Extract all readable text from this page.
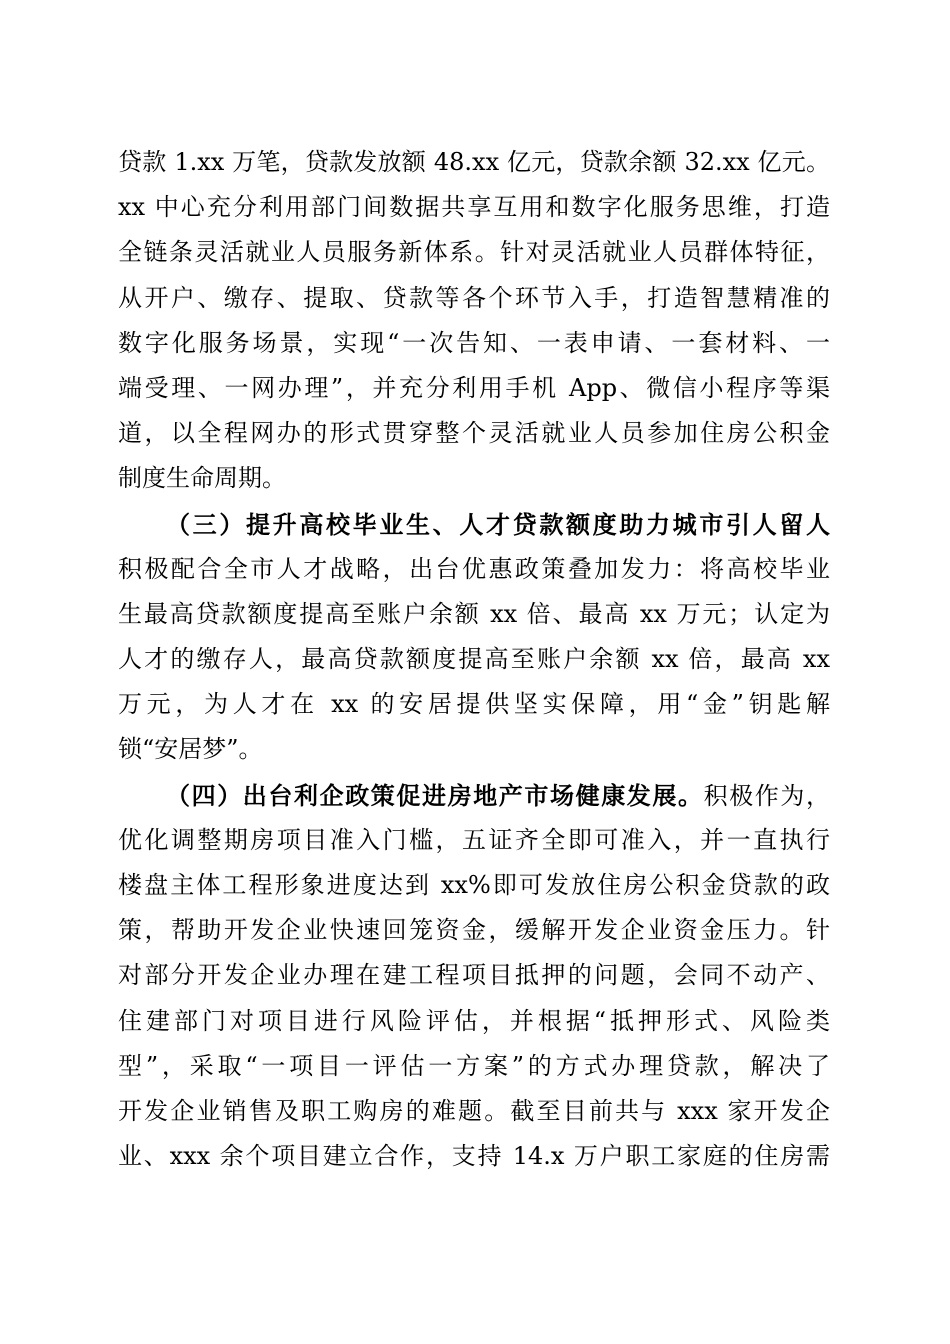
贷款 1.xx 万笔，贷款发放额 48.xx 亿元，贷款余额 32.xx 亿元。
xx 中心充分利用部门间数据共享互用和数字化服务思维，打造
全链条灵活就业人员服务新体系。针对灵活就业人员群体特征，
从开户、缴存、提取、贷款等各个环节入手，打造智慧精准的
数字化服务场景，实现“一次告知、一表申请、一套材料、一
端受理、一网办理”，并充分利用手机 App、微信小程序等渠
道，以全程网办的形式贯穿整个灵活就业人员参加住房公积金
制度生命周期。
（三）提升高校毕业生、人才贷款额度助力城市引人留人
积极配合全市人才战略，出台优惠政策叠加发力：将高校毕业
生最高贷款额度提高至账户余额 xx 倍、最高 xx 万元；认定为
人才的缴存人，最高贷款额度提高至账户余额 xx 倍，最高 xx
万元，为人才在 xx 的安居提供坚实保障，用“金”钥匙解
锁“安居梦”。
（四）出台利企政策促进房地产市场健康发展。积极作为，
优化调整期房项目准入门槛，五证齐全即可准入，并一直执行
楼盘主体工程形象进度达到 xx%即可发放住房公积金贷款的政
策，帮助开发企业快速回笼资金，缓解开发企业资金压力。针
对部分开发企业办理在建工程项目抵押的问题，会同不动产、
住建部门对项目进行风险评估，并根据“抵押形式、风险类
型”，采取“一项目一评估一方案”的方式办理贷款，解决了
开发企业销售及职工购房的难题。截至目前共与 xxx 家开发企
业、xxx 余个项目建立合作，支持 14.x 万户职工家庭的住房需
